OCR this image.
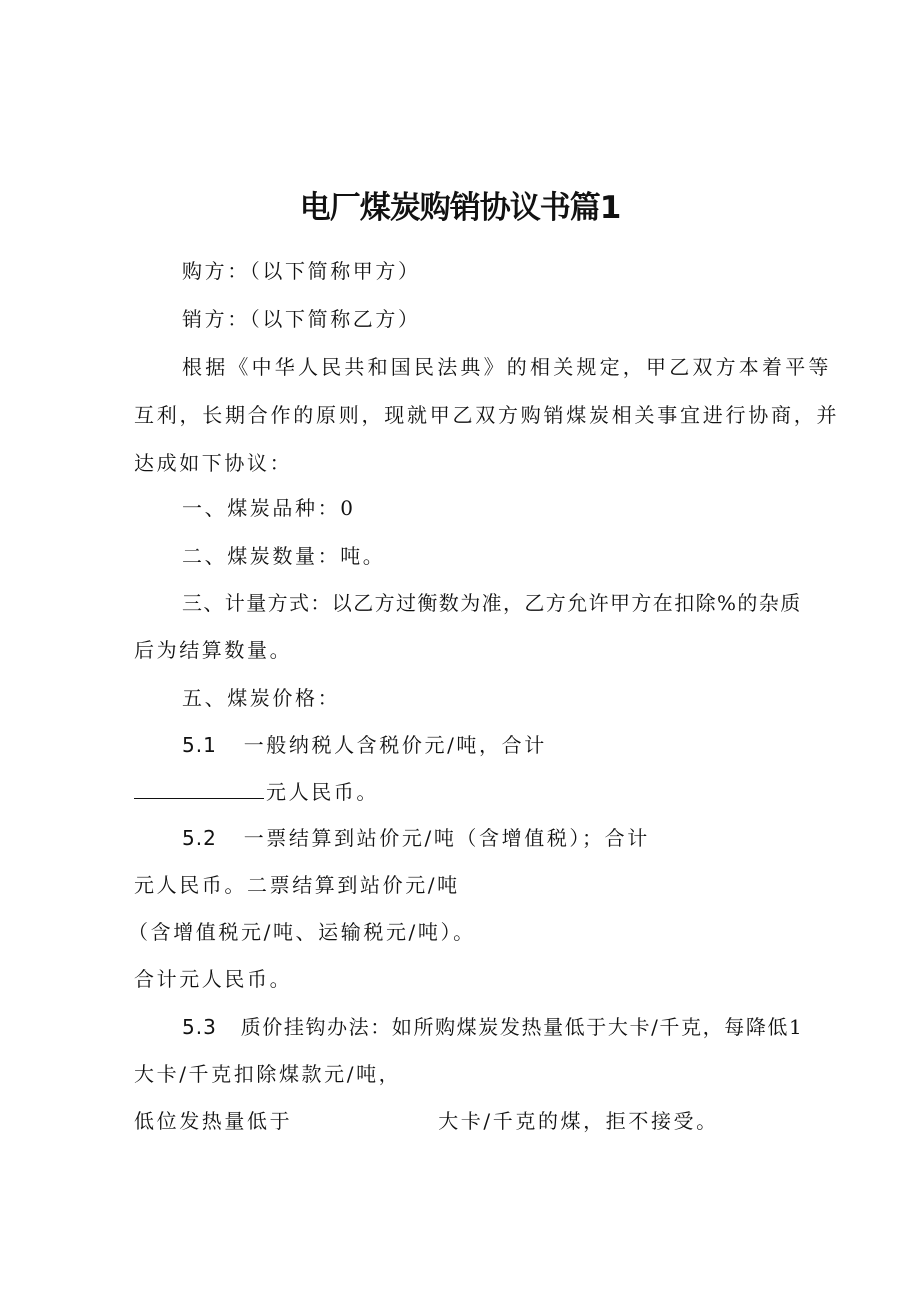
电厂煤炭购销协议书篇1
购方：（以下简称甲方）
销方：（以下简称乙方）
根据《中华人民共和国民法典》的相关规定，甲乙双方本着平等
互利，长期合作的原则，现就甲乙双方购销煤炭相关事宜进行协商，并
达成如下协议：
一、煤炭品种：0
二、煤炭数量：吨。
三、计量方式：以乙方过衡数为准，乙方允许甲方在扣除%的杂质
后为结算数量。
五、煤炭价格：
5.1 一般纳税人含税价元/吨，合计
元人民币。
5.2 一票结算到站价元/吨（含增值税）；合计
元人民币。二票结算到站价元/吨
（含增值税元/吨、运输税元/吨）。
合计元人民币。
5.3 质价挂钩办法：如所购煤炭发热量低于大卡/千克，每降低1
大卡/千克扣除煤款元/吨，
低位发热量低于	大卡/千克的煤，拒不接受。
